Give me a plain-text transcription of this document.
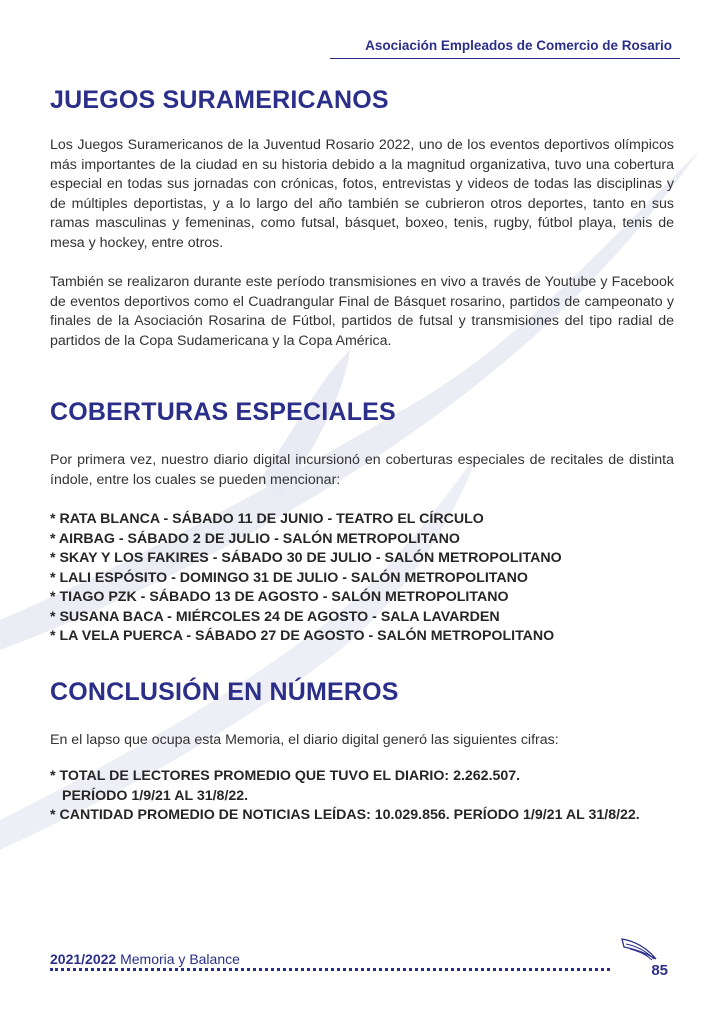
Asociación Empleados de Comercio de Rosario
JUEGOS SURAMERICANOS

Los Juegos Suramericanos de la Juventud Rosario 2022, uno de los eventos deportivos olímpicos más importantes de la ciudad en su historia debido a la magnitud organizativa, tuvo una cobertura especial en todas sus jornadas con crónicas, fotos, entrevistas y videos de todas las disciplinas y de múltiples deportistas, y a lo largo del año también se cubrieron otros deportes, tanto en sus ramas masculinas y femeninas, como futsal, básquet, boxeo, tenis, rugby, fútbol playa, tenis de mesa y hockey, entre otros.

También se realizaron durante este período transmisiones en vivo a través de Youtube y Facebook de eventos deportivos como el Cuadrangular Final de Básquet rosarino, partidos de campeonato y finales de la Asociación Rosarina de Fútbol, partidos de futsal y transmisiones del tipo radial de partidos de la Copa Sudamericana y la Copa América.

COBERTURAS ESPECIALES

Por primera vez, nuestro diario digital incursionó en coberturas especiales de recitales de distinta índole, entre los cuales se pueden mencionar:

* RATA BLANCA - SÁBADO 11 DE JUNIO - TEATRO EL CÍRCULO
* AIRBAG - SÁBADO 2 DE JULIO - SALÓN METROPOLITANO
* SKAY Y LOS FAKIRES - SÁBADO 30 DE JULIO - SALÓN METROPOLITANO
* LALI ESPÓSITO - DOMINGO 31 DE JULIO - SALÓN METROPOLITANO
* TIAGO PZK - SÁBADO 13 DE AGOSTO - SALÓN METROPOLITANO
* SUSANA BACA - MIÉRCOLES 24 DE AGOSTO - SALA LAVARDEN
* LA VELA PUERCA - SÁBADO 27 DE AGOSTO - SALÓN METROPOLITANO
CONCLUSIÓN EN NÚMEROS

En el lapso que ocupa esta Memoria, el diario digital generó las siguientes cifras:

* TOTAL DE LECTORES PROMEDIO QUE TUVO EL DIARIO: 2.262.507.
PERÍODO 1/9/21 AL 31/8/22.
* CANTIDAD PROMEDIO DE NOTICIAS LEÍDAS: 10.029.856. PERÍODO 1/9/21 AL 31/8/22.
2021/2022 Memoria y Balance
85
